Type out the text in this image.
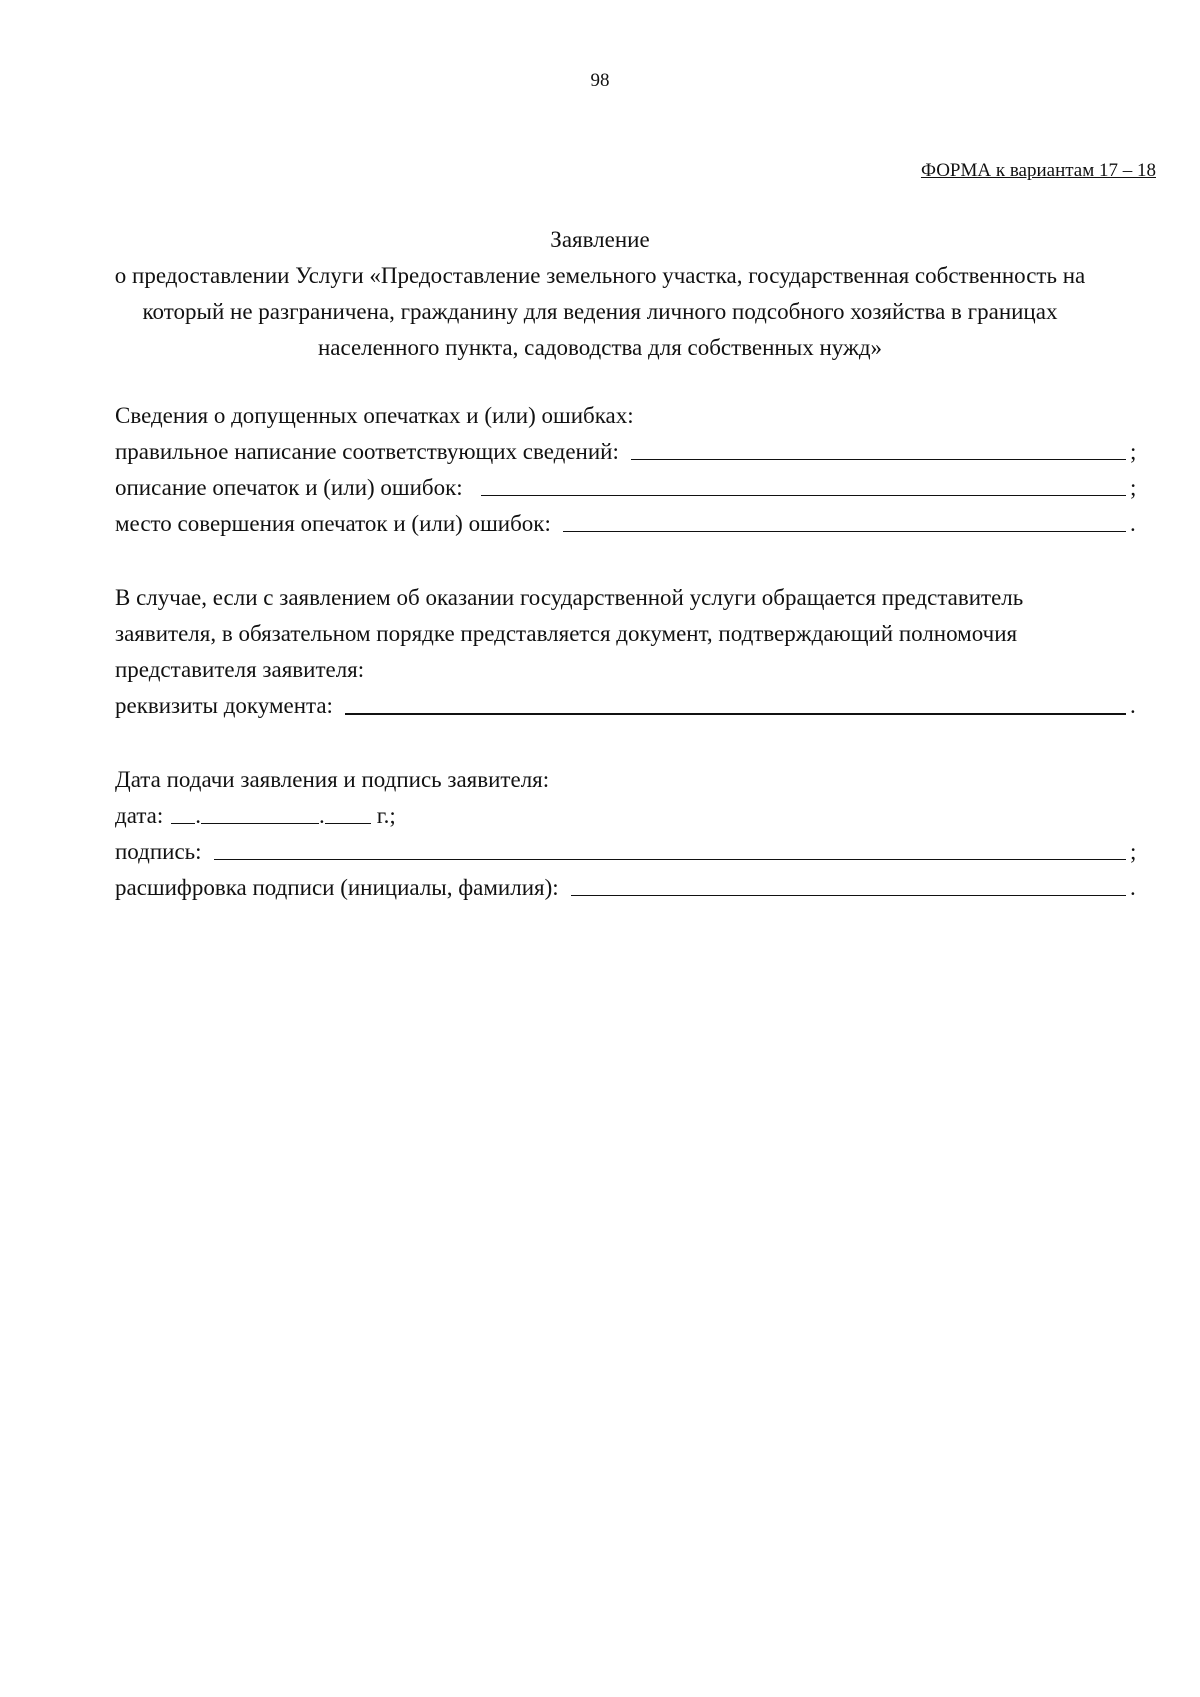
98
ФОРМА к вариантам 17 – 18
Заявление
о предоставлении Услуги «Предоставление земельного участка, государственная собственность на
который не разграничена, гражданину для ведения личного подсобного хозяйства в границах
населенного пункта, садоводства для собственных нужд»
Сведения о допущенных опечатках и (или) ошибках:
правильное написание соответствующих сведений:	;
описание опечаток и (или) ошибок:	;
место совершения опечаток и (или) ошибок:	.
В случае, если с заявлением об оказании государственной услуги обращается представитель
заявителя, в обязательном порядке представляется документ, подтверждающий полномочия
представителя заявителя:
реквизиты документа:	.
Дата подачи заявления и подпись заявителя:
дата: .	. г.;
подпись:	;
расшифровка подписи (инициалы, фамилия):	.
